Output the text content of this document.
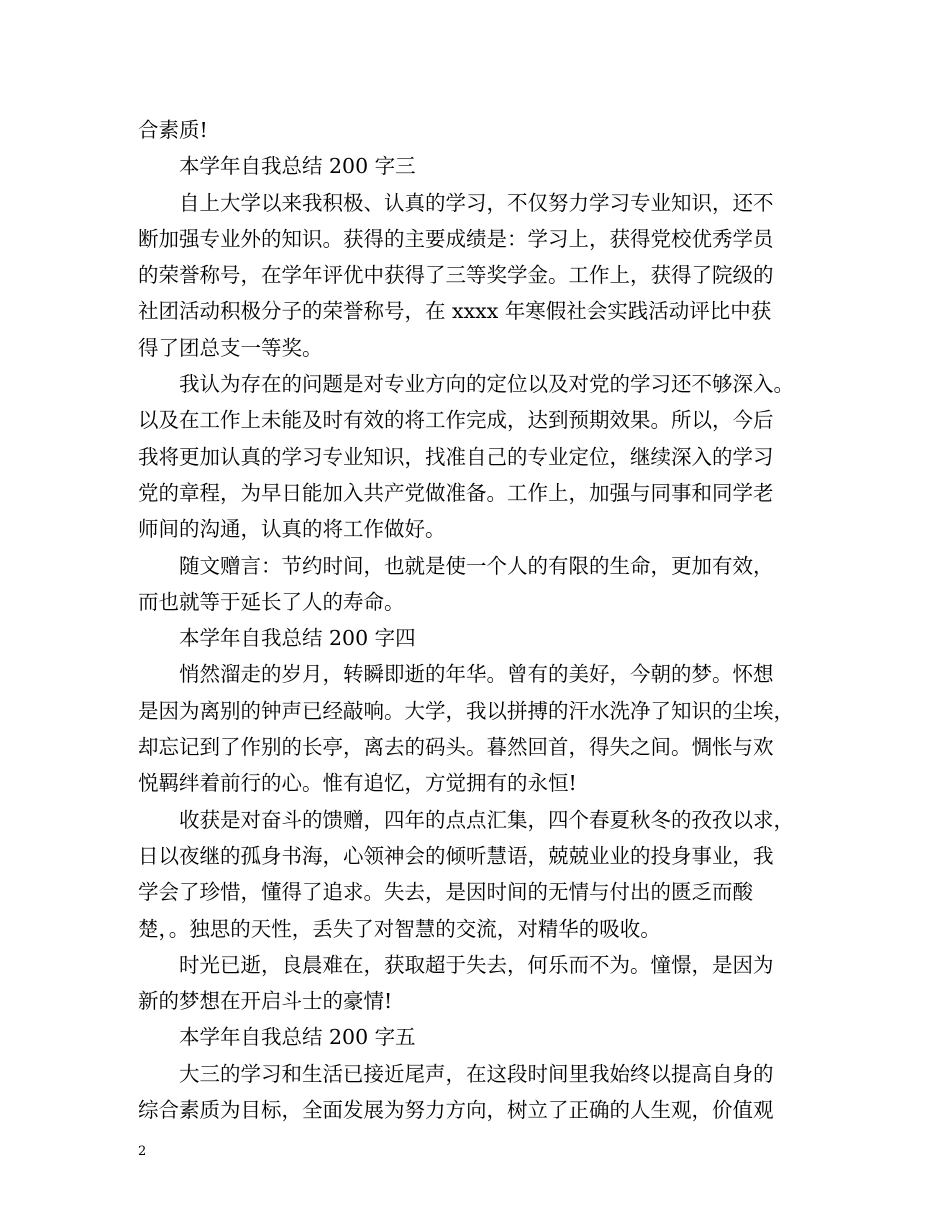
合素质!
本学年自我总结 200 字三
自上大学以来我积极、认真的学习，不仅努力学习专业知识，还不
断加强专业外的知识。获得的主要成绩是：学习上，获得党校优秀学员
的荣誉称号，在学年评优中获得了三等奖学金。工作上，获得了院级的
社团活动积极分子的荣誉称号，在 xxxx 年寒假社会实践活动评比中获
得了团总支一等奖。
我认为存在的问题是对专业方向的定位以及对党的学习还不够深入。
以及在工作上未能及时有效的将工作完成，达到预期效果。所以，今后
我将更加认真的学习专业知识，找准自己的专业定位，继续深入的学习
党的章程，为早日能加入共产党做准备。工作上，加强与同事和同学老
师间的沟通，认真的将工作做好。
随文赠言：节约时间，也就是使一个人的有限的生命，更加有效，
而也就等于延长了人的寿命。
本学年自我总结 200 字四
悄然溜走的岁月，转瞬即逝的年华。曾有的美好，今朝的梦。怀想
是因为离别的钟声已经敲响。大学，我以拼搏的汗水洗净了知识的尘埃，
却忘记到了作别的长亭，离去的码头。暮然回首，得失之间。惆怅与欢
悦羁绊着前行的心。惟有追忆，方觉拥有的永恒!
收获是对奋斗的馈赠，四年的点点汇集，四个春夏秋冬的孜孜以求，
日以夜继的孤身书海，心领神会的倾听慧语，兢兢业业的投身事业，我
学会了珍惜，懂得了追求。失去，是因时间的无情与付出的匮乏而酸
楚，。独思的天性，丢失了对智慧的交流，对精华的吸收。
时光已逝，良晨难在，获取超于失去，何乐而不为。憧憬，是因为
新的梦想在开启斗士的豪情!
本学年自我总结 200 字五
大三的学习和生活已接近尾声，在这段时间里我始终以提高自身的
综合素质为目标，全面发展为努力方向，树立了正确的人生观，价值观
2
